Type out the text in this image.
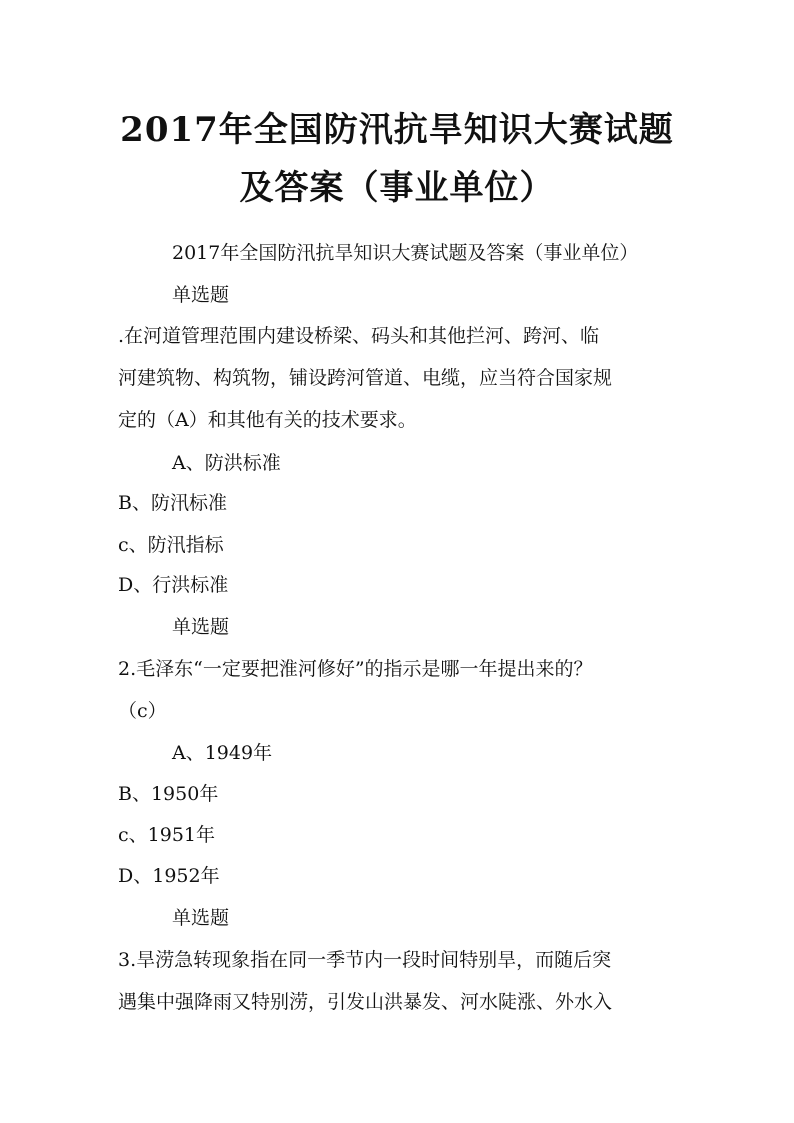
2017年全国防汛抗旱知识大赛试题
及答案（事业单位）

2017年全国防汛抗旱知识大赛试题及答案（事业单位）

单选题

.在河道管理范围内建设桥梁、码头和其他拦河、跨河、临

河建筑物、构筑物，铺设跨河管道、电缆，应当符合国家规

定的（A）和其他有关的技术要求。

A、防洪标准

B、防汛标准

c、防汛指标

D、行洪标准

单选题

2.毛泽东“一定要把淮河修好”的指示是哪一年提出来的？

（c）

A、1949年

B、1950年

c、1951年

D、1952年

单选题

3.旱涝急转现象指在同一季节内一段时间特别旱，而随后突

遇集中强降雨又特别涝，引发山洪暴发、河水陡涨、外水入
